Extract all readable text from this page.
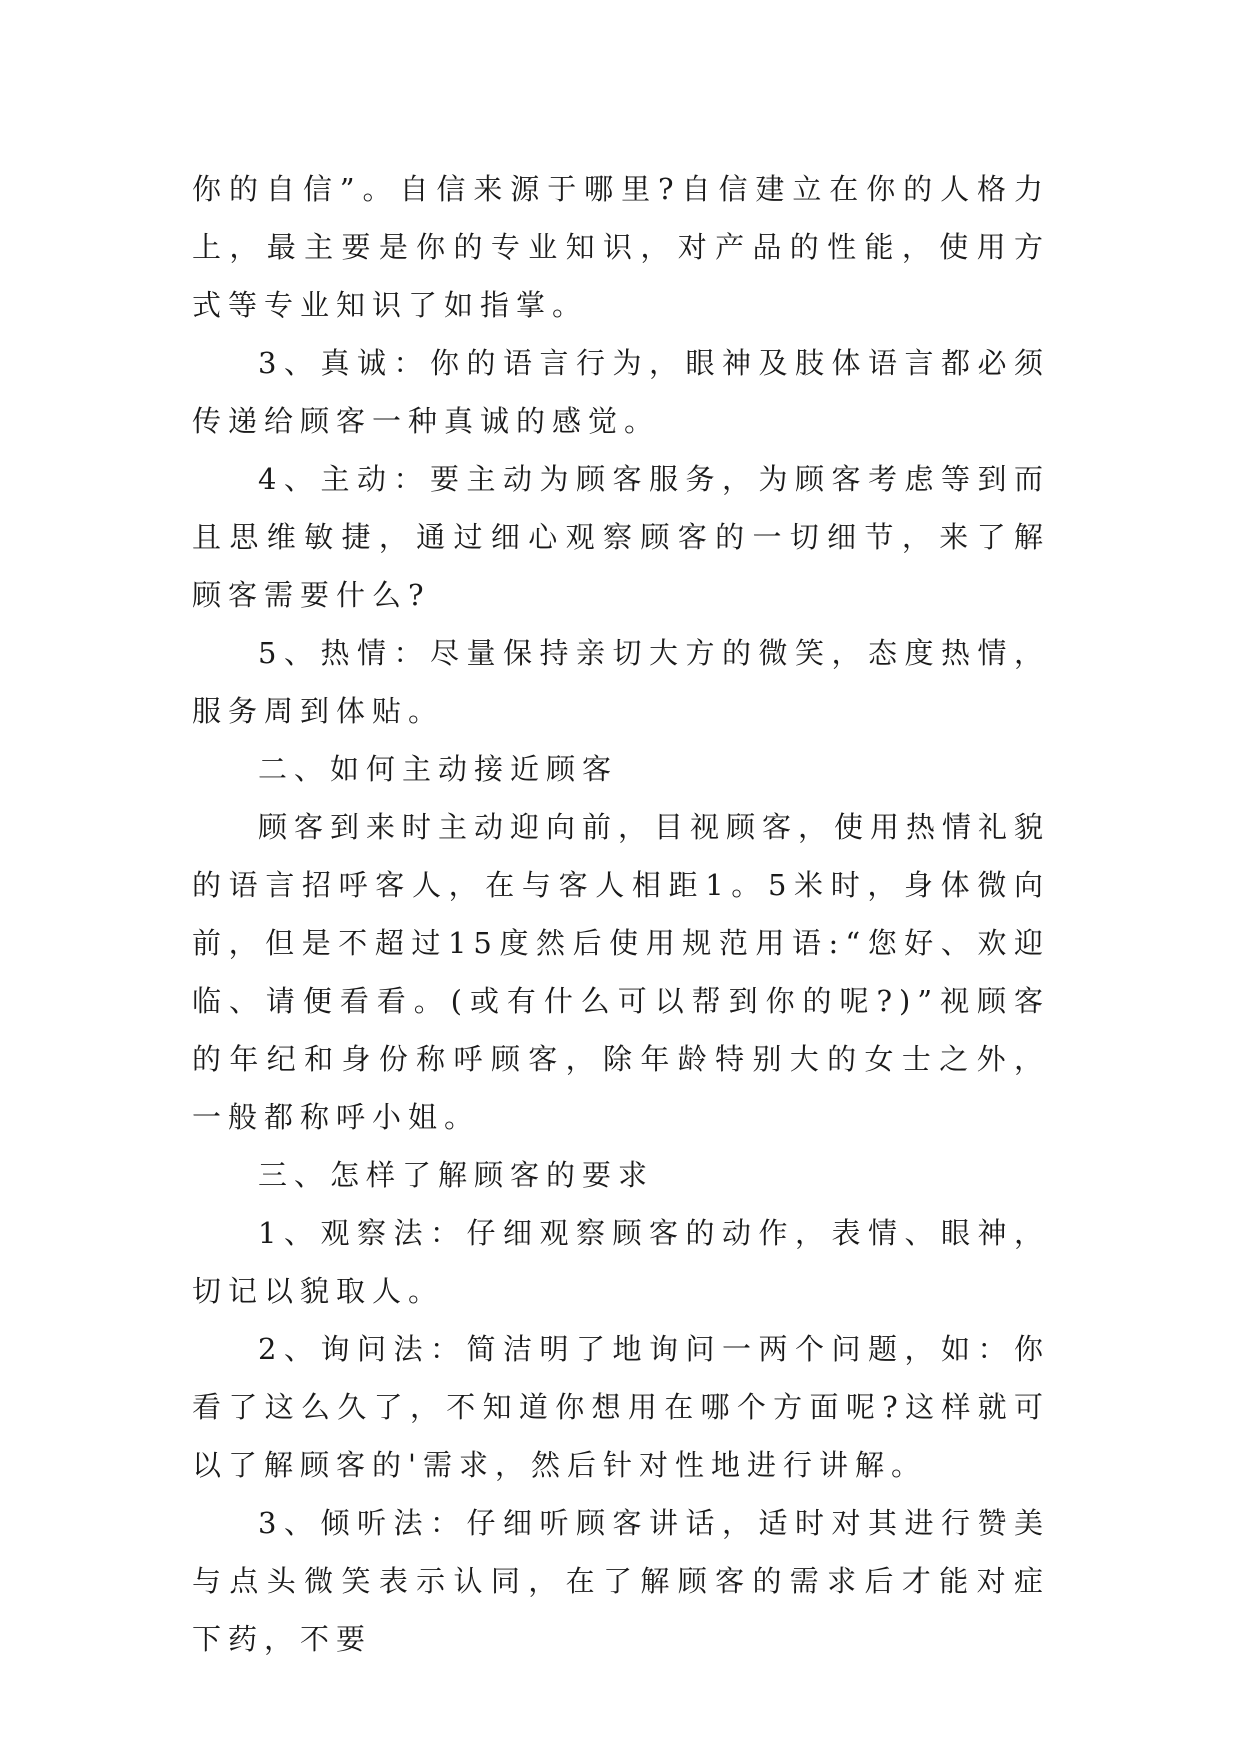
你的自信”。自信来源于哪里?自信建立在你的人格力上，最主要是你的专业知识，对产品的性能，使用方式等专业知识了如指掌。

3、真诚：你的语言行为，眼神及肢体语言都必须传递给顾客一种真诚的感觉。

4、主动：要主动为顾客服务，为顾客考虑等到而且思维敏捷，通过细心观察顾客的一切细节，来了解顾客需要什么?

5、热情：尽量保持亲切大方的微笑，态度热情，服务周到体贴。

二、如何主动接近顾客

顾客到来时主动迎向前，目视顾客，使用热情礼貌的语言招呼客人，在与客人相距1。5米时，身体微向前，但是不超过15度然后使用规范用语:“您好、欢迎临、请便看看。(或有什么可以帮到你的呢?)”视顾客的年纪和身份称呼顾客，除年龄特别大的女士之外，一般都称呼小姐。

三、怎样了解顾客的要求

1、观察法：仔细观察顾客的动作，表情、眼神，切记以貌取人。

2、询问法：简洁明了地询问一两个问题，如：你看了这么久了，不知道你想用在哪个方面呢?这样就可以了解顾客的'需求，然后针对性地进行讲解。

3、倾听法：仔细听顾客讲话，适时对其进行赞美与点头微笑表示认同，在了解顾客的需求后才能对症下药，不要
